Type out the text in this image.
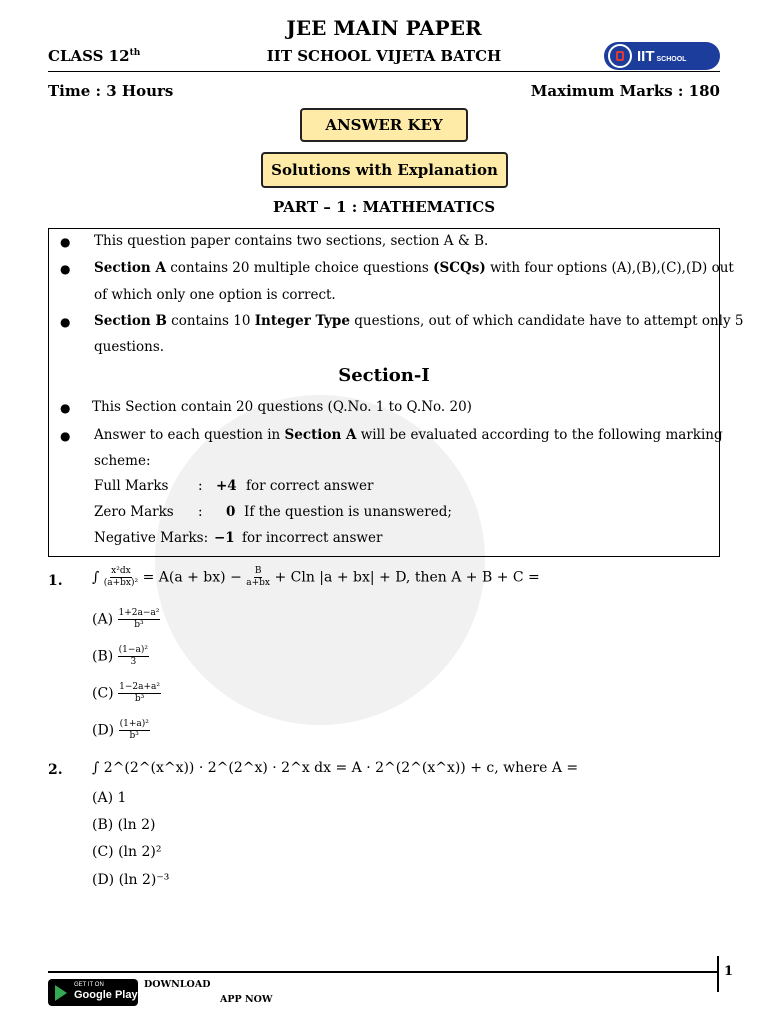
JEE MAIN PAPER
CLASS 12th	IIT SCHOOL VIJETA BATCH	IIT SCHOOL
Time : 3 Hours	Maximum Marks : 180
ANSWER KEY
Solutions with Explanation
PART – 1 : MATHEMATICS
● This question paper contains two sections, section A & B.
● Section A contains 20 multiple choice questions (SCQs) with four options (A),(B),(C),(D) out
of which only one option is correct.
● Section B contains 10 Integer Type questions, out of which candidate have to attempt only 5
questions.
Section-I
● This Section contain 20 questions (Q.No. 1 to Q.No. 20)
● Answer to each question in Section A will be evaluated according to the following marking
scheme:
Full Marks : +4 for correct answer
Zero Marks : 0 If the question is unanswered;
Negative Marks: −1 for incorrect answer
1. ∫ $\frac{\text{x²dx}}{\text{(a+bx)²}} = A(a + bx) - \frac{B}{a+bx} + Cln$ |a + bx| + D, then A + B + C =
$(A) \frac{\text{1+2a−a²}}{\text{b³}}$
$(B) \frac{\text{(1−a)²}}{3}$
$(C) \frac{\text{1−2a+a²}}{\text{b³}}$
$(D) \frac{\text{(1+a)²}}{\text{b³}}$
2. ∫ 2^(2^(x^x)) · 2^(2^x) · 2^x dx = A · 2^(2^(x^x)) + c, where A =
(A) 1
(B) (ln 2)
(C) (ln 2)²
(D) (ln 2)⁻³
1
GET IT ON
Google Play
DOWNLOAD
APP NOW
